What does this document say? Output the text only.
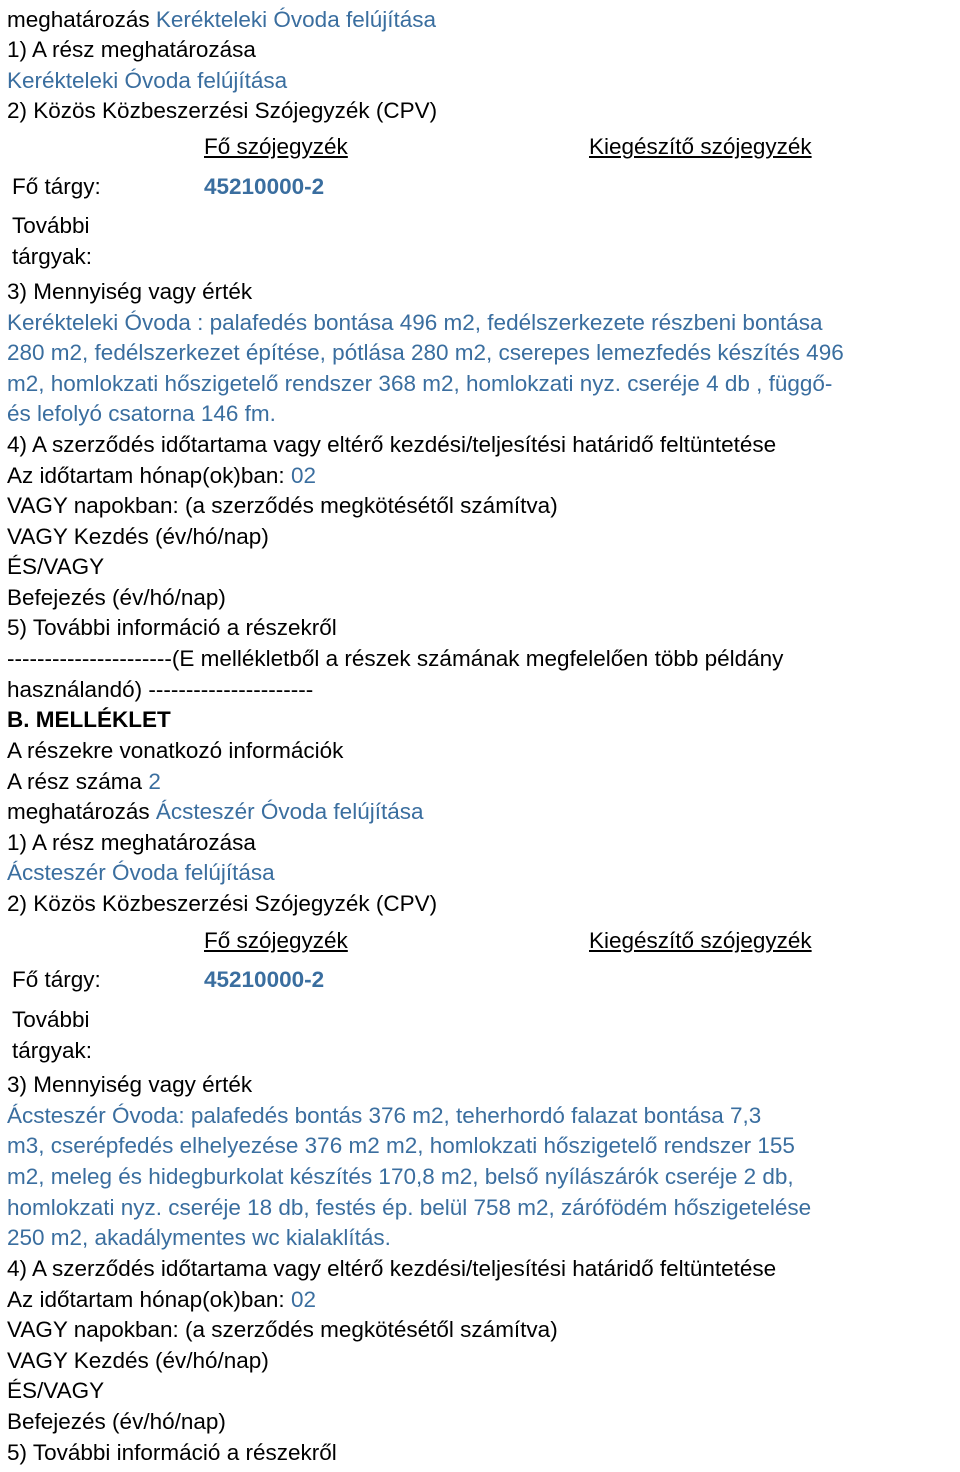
meghatározás Kerékteleki Óvoda felújítása
1) A rész meghatározása
Kerékteleki Óvoda felújítása
2) Közös Közbeszerzési Szójegyzék (CPV)
Fő szójegyzék	Kiegészítő szójegyzék
Fő tárgy:	45210000-2
További
tárgyak:
3) Mennyiség vagy érték
Kerékteleki Óvoda : palafedés bontása 496 m2, fedélszerkezete részbeni bontása
280 m2, fedélszerkezet építése, pótlása 280 m2, cserepes lemezfedés készítés 496
m2, homlokzati hőszigetelő rendszer 368 m2, homlokzati nyz. cseréje 4 db , függő-
és lefolyó csatorna 146 fm.
4) A szerződés időtartama vagy eltérő kezdési/teljesítési határidő feltüntetése
Az időtartam hónap(ok)ban: 02
VAGY napokban: (a szerződés megkötésétől számítva)
VAGY Kezdés (év/hó/nap)
ÉS/VAGY
Befejezés (év/hó/nap)
5) További információ a részekről
----------------------(E mellékletből a részek számának megfelelően több példány
használandó) ----------------------
B. MELLÉKLET
A részekre vonatkozó információk
A rész száma 2
meghatározás Ácsteszér Óvoda felújítása
1) A rész meghatározása
Ácsteszér Óvoda felújítása
2) Közös Közbeszerzési Szójegyzék (CPV)
Fő szójegyzék	Kiegészítő szójegyzék
Fő tárgy:	45210000-2
További
tárgyak:
3) Mennyiség vagy érték
Ácsteszér Óvoda: palafedés bontás 376 m2, teherhordó falazat bontása 7,3
m3, cserépfedés elhelyezése 376 m2 m2, homlokzati hőszigetelő rendszer 155
m2, meleg és hidegburkolat készítés 170,8 m2, belső nyílászárók cseréje 2 db,
homlokzati nyz. cseréje 18 db, festés ép. belül 758 m2, zárófödém hőszigetelése
250 m2, akadálymentes wc kialaklítás.
4) A szerződés időtartama vagy eltérő kezdési/teljesítési határidő feltüntetése
Az időtartam hónap(ok)ban: 02
VAGY napokban: (a szerződés megkötésétől számítva)
VAGY Kezdés (év/hó/nap)
ÉS/VAGY
Befejezés (év/hó/nap)
5) További információ a részekről
